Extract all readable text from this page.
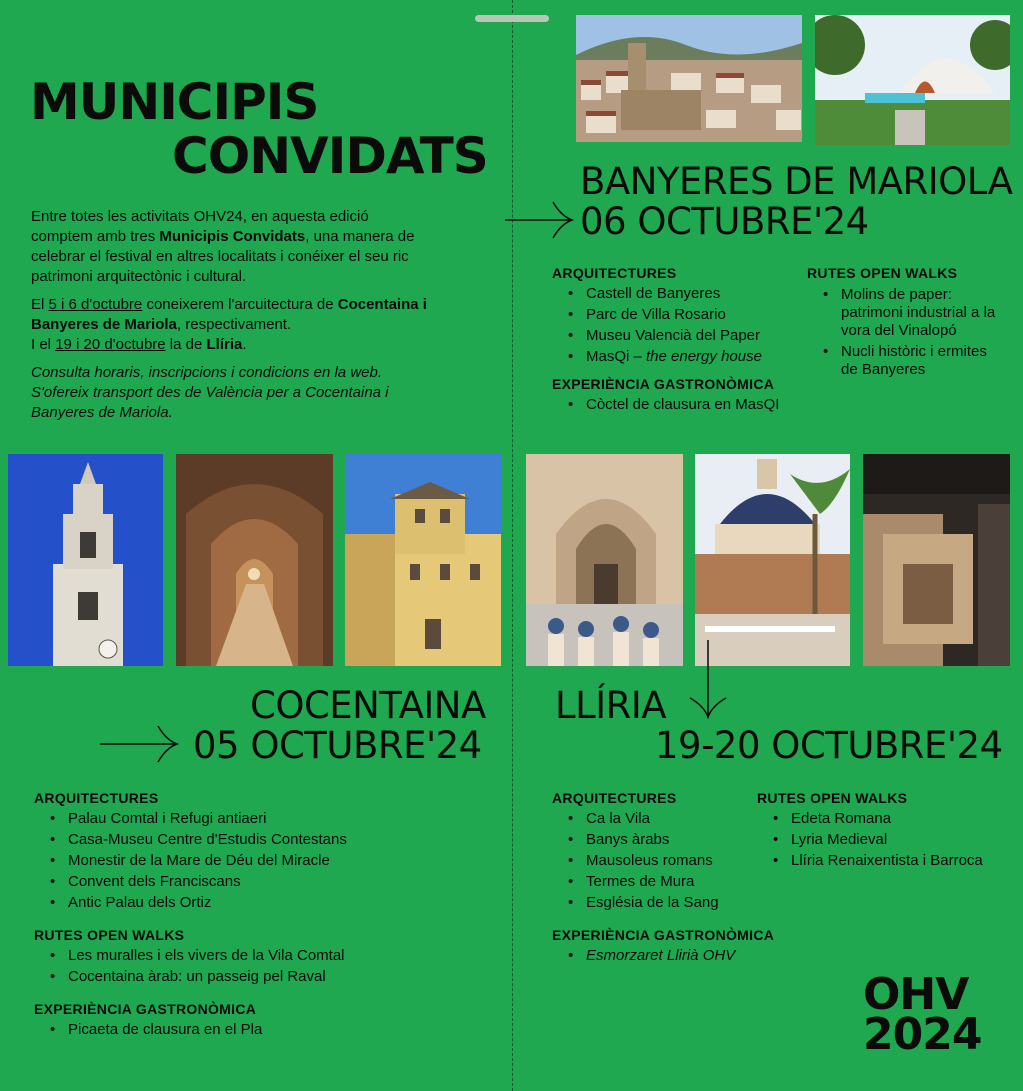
MUNICIPIS
CONVIDATS

Entre totes les activitats OHV24, en aquesta edició comptem amb tres Municipis Convidats, una manera de celebrar el festival en altres localitats i conéixer el seu ric patrimoni arquitectònic i cultural.

El 5 i 6 d'octubre coneixerem l'arcuitectura de Cocentaina i Banyeres de Mariola, respectivament.
I el 19 i 20 d'octubre la de Llíria.

Consulta horaris, inscripcions i condicions en la web. S'ofereix transport des de València per a Cocentaina i Banyeres de Mariola.

BANYERES DE MARIOLA
06 OCTUBRE'24
ARQUITECTURES
• Castell de Banyeres
• Parc de Villa Rosario
• Museu Valencià del Paper
• MasQi – the energy house
EXPERIÈNCIA GASTRONÒMICA
• Còctel de clausura en MasQI
RUTES OPEN WALKS
• Molins de paper: patrimoni industrial a la vora del Vinalopó
• Nucli històric i ermites de Banyeres
COCENTAINA
05 OCTUBRE'24
ARQUITECTURES
• Palau Comtal i Refugi antiaeri
• Casa-Museu Centre d'Estudis Contestans
• Monestir de la Mare de Déu del Miracle
• Convent dels Franciscans
• Antic Palau dels Ortiz
RUTES OPEN WALKS
• Les muralles i els vivers de la Vila Comtal
• Cocentaina àrab: un passeig pel Raval
EXPERIÈNCIA GASTRONÒMICA
• Picaeta de clausura en el Pla
LLÍRIA
19-20 OCTUBRE'24
ARQUITECTURES
• Ca la Vila
• Banys àrabs
• Mausoleus romans
• Termes de Mura
• Església de la Sang
EXPERIÈNCIA GASTRONÒMICA
• Esmorzaret Llirià OHV
RUTES OPEN WALKS
• Edeta Romana
• Lyria Medieval
• Llíria Renaixentista i Barroca
OHV
2024
